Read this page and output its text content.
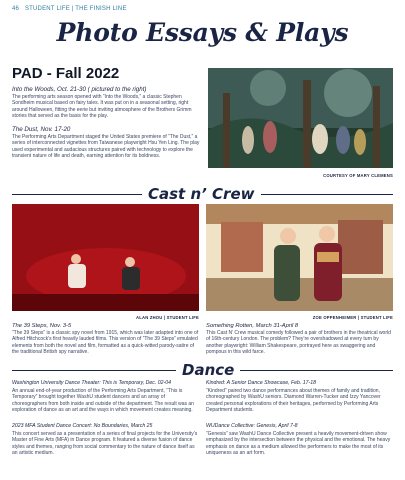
46 STUDENT LIFE | THE FINISH LINE
Photo Essays & Plays
PAD - Fall 2022
Into the Woods, Oct. 21-30 ( pictured to the right)
The performing arts season opened with “Into the Woods,” a classic Stephen Sondheim musical based on fairy tales. It was put on in a seasonal setting, right around Halloween, fitting the eerie but inviting atmosphere of the Brothers Grimm stories that served as the basis for the play.
The Dust, Nov. 17-20
The Performing Arts Department staged the United States premiere of “The Dust,” a series of interconnected vignettes from Taiwanese playwright Hsu Yen Ling. The play used experimental and audacious structures paired with technology to explore the transient nature of life and death, earning attention for its boldness.
COURTESY OF MARY CLEMENS
Cast n’ Crew
ALAN ZHOU | STUDENT LIFE	ZOE OPPENHEIMER | STUDENT LIFE
The 39 Steps, Nov. 3-5
“The 39 Steps” is a classic spy novel from 1915, which was later adapted into one of Alfred Hitchcock’s first heavily lauded films. This version of “The 39 Steps” emulated elements from both the novel and film, formatted as a quick-witted parody-satire of the traditional British spy narrative.
Something Rotten, March 31-April 8
This Cast N’ Crew musical comedy followed a pair of brothers in the theatrical world of 16th-century London. The problem? They’re overshadowed at every turn by another playwright: William Shakespeare, portrayed here as swaggering and pompous in this wild farce.
Dance
Washington University Dance Theater: This is Temporary, Dec. 02-04
An annual end-of-year production of the Performing Arts Department, “This is Temporary” brought together WashU student dancers and an array of choreographers from both inside and outside of the department. The result was an exploration of dance as an art and the ways in which movement creates meaning.
Kindred: A Senior Dance Showcase, Feb. 17-18
“Kindred” paired two dance performances about themes of family and tradition, choreographed by WashU seniors. Diamond Warren-Tucker and Izzy Yancover created personal explorations of their heritages, performed by Performing Arts Department students.
2023 MFA Student Dance Concert: No Boundaries, March 25
This concert served as a presentation of a series of final projects for the University’s Master of Fine Arts (MFA) in Dance program. It featured a diverse fusion of dance styles and themes, ranging from social commentary to the nature of dance itself as an artistic medium.
WUDance Collective: Genesis, April 7-8
“Genesis” saw WashU Dance Collective present a heavily movement-driven show emphasized by the intersection between the physical and the emotional. The heavy emphasis on dance as a medium allowed the performers to make the most of its uniqueness as an art form.
